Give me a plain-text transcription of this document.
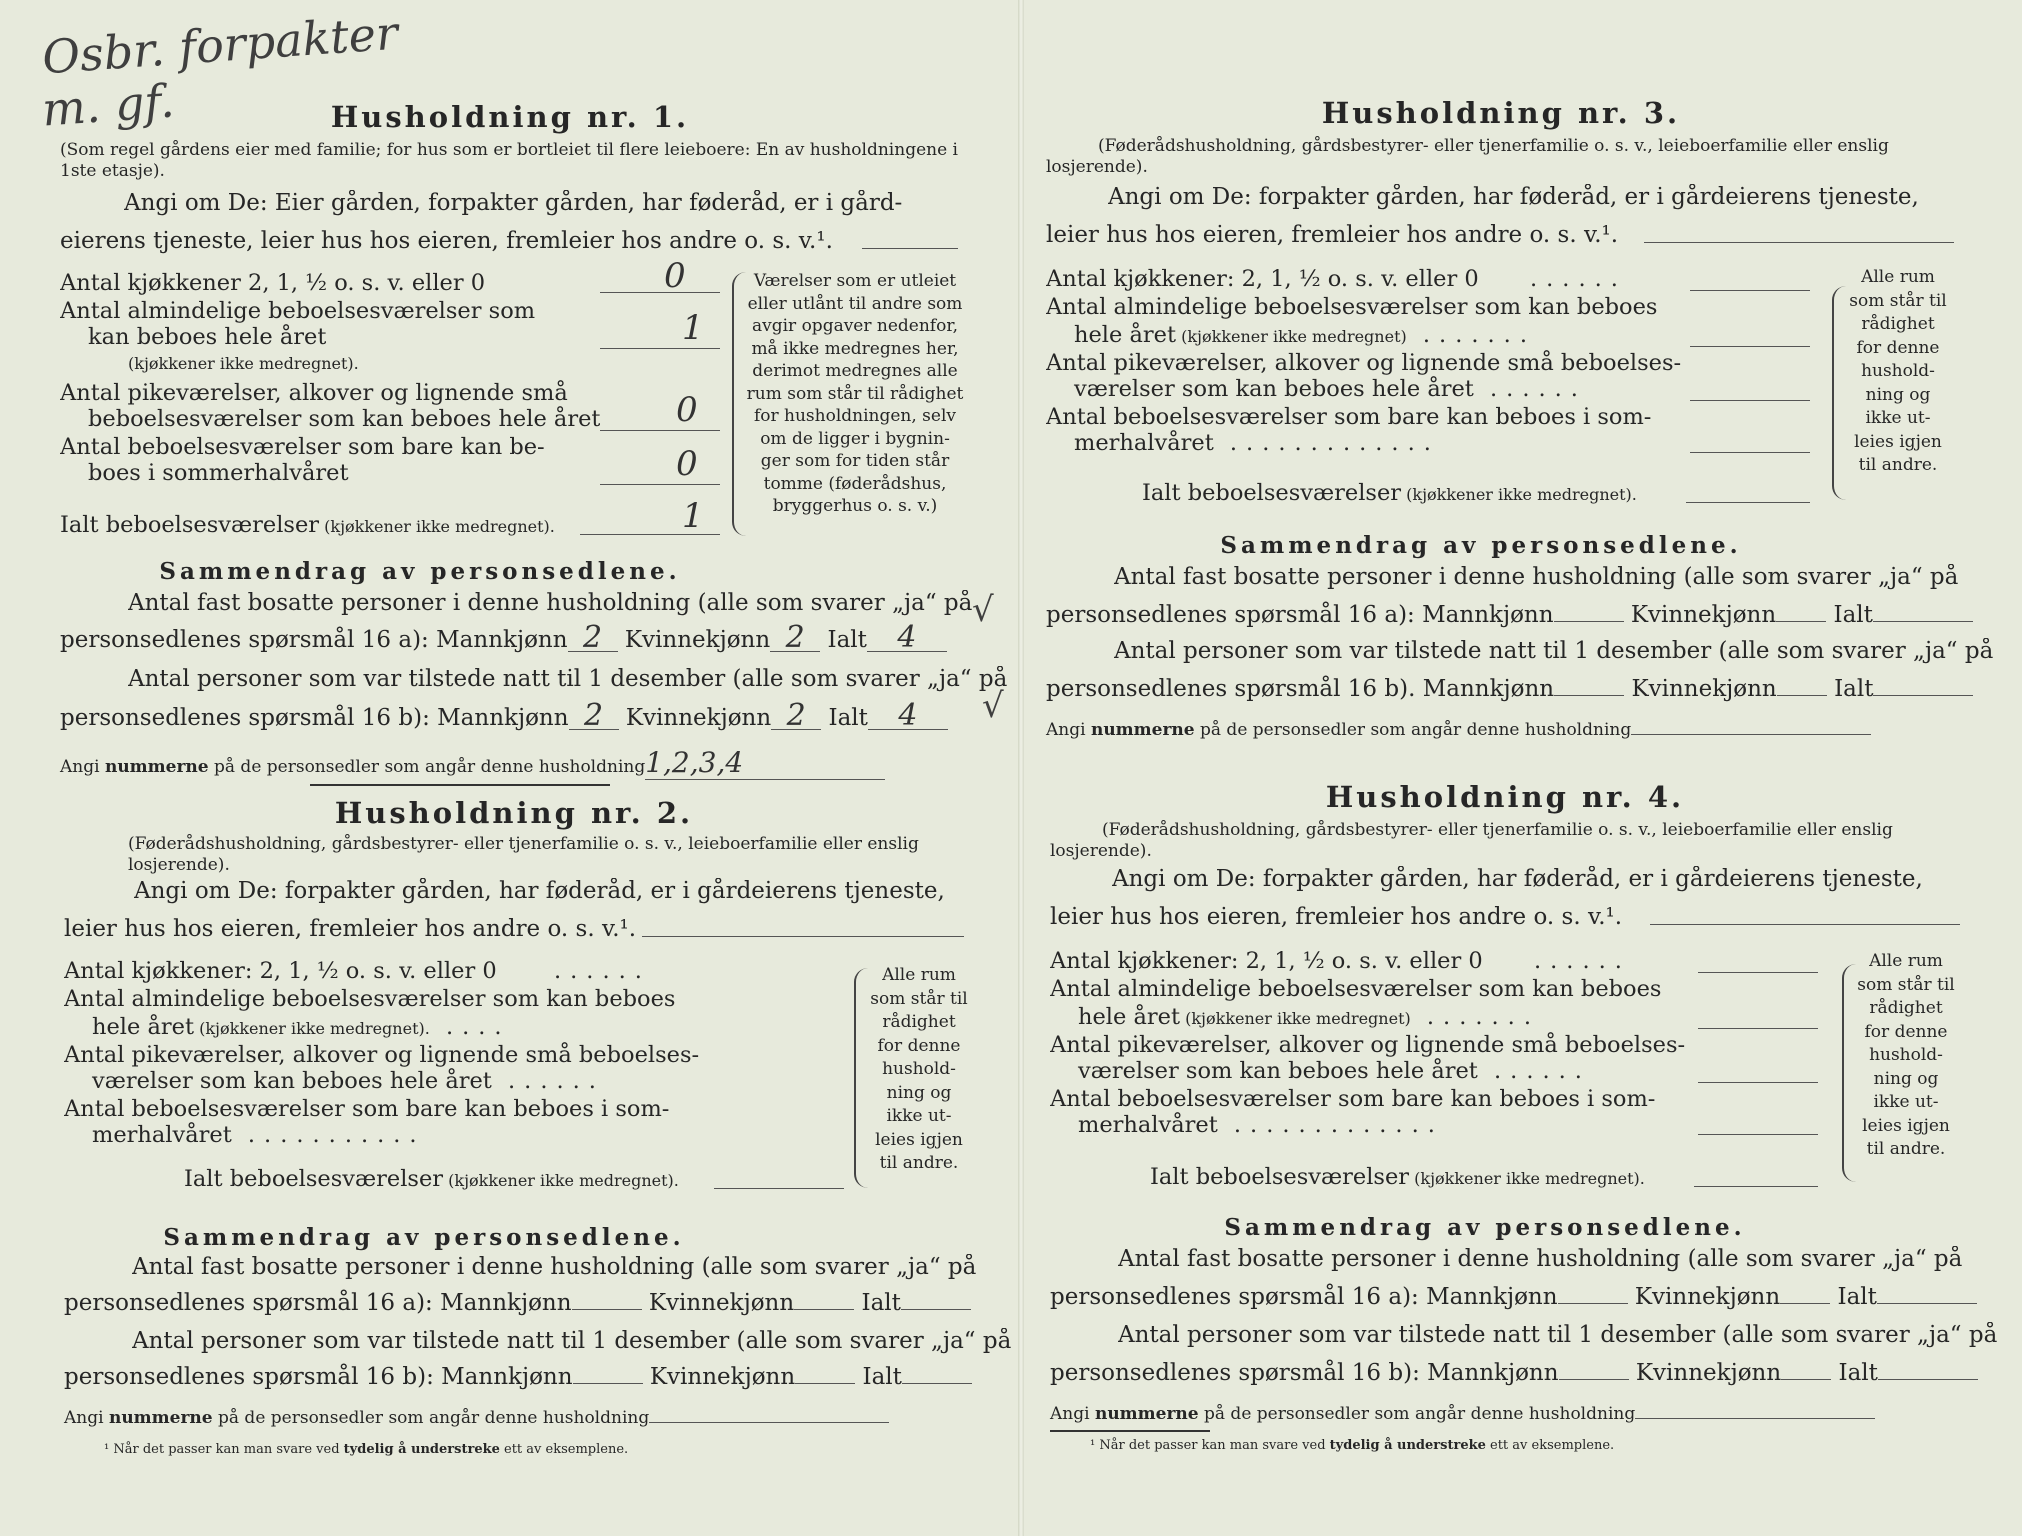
Osbr. forpakter
m. gf.	Husholdning nr. 1.
(Som regel gårdens eier med familie; for hus som er bortleiet til flere leieboere: En av husholdningene i 1ste etasje).
Angi om De: Eier gården, forpakter gården, har føderåd, er i gård-
eierens tjeneste, leier hus hos eieren, fremleier hos andre o. s. v.¹.
Antal kjøkkener 2, 1, ½ o. s. v. eller 0	0
Antal almindelige beboelsesværelser som
kan beboes hele året
(kjøkkener ikke medregnet).
1
Antal pikeværelser, alkover og lignende små
beboelsesværelser som kan beboes hele året 0
Antal beboelsesværelser som bare kan be-
boes i sommerhalvåret	0
Ialt beboelsesværelser (kjøkkener ikke medregnet).	1
Værelser som er utleiet
eller utlånt til andre som
avgir opgaver nedenfor,
må ikke medregnes her,
derimot medregnes alle
rum som står til rådighet
for husholdningen, selv
om de ligger i bygnin-
ger som for tiden står
tomme (føderådshus,
bryggerhus o. s. v.)
Sammendrag av personsedlene.
Antal fast bosatte personer i denne husholdning (alle som svarer „ja“ på
personsedlenes spørsmål 16 a): Mannkjønn 2 Kvinnekjønn 2 Ialt 4
Antal personer som var tilstede natt til 1 desember (alle som svarer „ja“ på
personsedlenes spørsmål 16 b): Mannkjønn 2 Kvinnekjønn 2 Ialt 4
√
√
Angi nummerne på de personsedler som angår denne husholdning1,2,3,4
Husholdning nr. 2.
(Føderådshusholdning, gårdsbestyrer- eller tjenerfamilie o. s. v., leieboerfamilie eller enslig losjerende).
Angi om De: forpakter gården, har føderåd, er i gårdeierens tjeneste,
leier hus hos eieren, fremleier hos andre o. s. v.¹.
Antal kjøkkener: 2, 1, ½ o. s. v. eller 0	......
Antal almindelige beboelsesværelser som kan beboes
hele året (kjøkkener ikke medregnet). ....
Antal pikeværelser, alkover og lignende små beboelses-
værelser som kan beboes hele året ......
Antal beboelsesværelser som bare kan beboes i som-
merhalvåret ...........
Ialt beboelsesværelser (kjøkkener ikke medregnet).
Alle rum
som står til
rådighet
for denne
hushold-
ning og
ikke ut-
leies igjen
til andre.
Sammendrag av personsedlene.
Antal fast bosatte personer i denne husholdning (alle som svarer „ja“ på
personsedlenes spørsmål 16 a): Mannkjønn	Kvinnekjønn	Ialt
Antal personer som var tilstede natt til 1 desember (alle som svarer „ja“ på
personsedlenes spørsmål 16 b): Mannkjønn	Kvinnekjønn	Ialt
Angi nummerne på de personsedler som angår denne husholdning
¹ Når det passer kan man svare ved tydelig å understreke ett av eksemplene.
Husholdning nr. 3.
(Føderådshusholdning, gårdsbestyrer- eller tjenerfamilie o. s. v., leieboerfamilie eller enslig losjerende).
Angi om De: forpakter gården, har føderåd, er i gårdeierens tjeneste,
leier hus hos eieren, fremleier hos andre o. s. v.¹.
Antal kjøkkener: 2, 1, ½ o. s. v. eller 0 ......
Antal almindelige beboelsesværelser som kan beboes
hele året (kjøkkener ikke medregnet) .......
Antal pikeværelser, alkover og lignende små beboelses-
værelser som kan beboes hele året ......
Antal beboelsesværelser som bare kan beboes i som-
merhalvåret .............
Ialt beboelsesværelser (kjøkkener ikke medregnet).
Alle rum
som står til
rådighet
for denne
hushold-
ning og
ikke ut-
leies igjen
til andre.
Sammendrag av personsedlene.
Antal fast bosatte personer i denne husholdning (alle som svarer „ja“ på
personsedlenes spørsmål 16 a): Mannkjønn	Kvinnekjønn Ialt
Antal personer som var tilstede natt til 1 desember (alle som svarer „ja“ på
personsedlenes spørsmål 16 b). Mannkjønn	Kvinnekjønn Ialt
Angi nummerne på de personsedler som angår denne husholdning
Husholdning nr. 4.
(Føderådshusholdning, gårdsbestyrer- eller tjenerfamilie o. s. v., leieboerfamilie eller enslig losjerende).
Angi om De: forpakter gården, har føderåd, er i gårdeierens tjeneste,
leier hus hos eieren, fremleier hos andre o. s. v.¹.
Antal kjøkkener: 2, 1, ½ o. s. v. eller 0 ......
Antal almindelige beboelsesværelser som kan beboes
hele året (kjøkkener ikke medregnet) .......
Antal pikeværelser, alkover og lignende små beboelses-
værelser som kan beboes hele året ......
Antal beboelsesværelser som bare kan beboes i som-
merhalvåret .............
Ialt beboelsesværelser (kjøkkener ikke medregnet).
Alle rum
som står til
rådighet
for denne
hushold-
ning og
ikke ut-
leies igjen
til andre.
Sammendrag av personsedlene.
Antal fast bosatte personer i denne husholdning (alle som svarer „ja“ på
personsedlenes spørsmål 16 a): Mannkjønn	Kvinnekjønn Ialt
Antal personer som var tilstede natt til 1 desember (alle som svarer „ja“ på
personsedlenes spørsmål 16 b): Mannkjønn	Kvinnekjønn Ialt
Angi nummerne på de personsedler som angår denne husholdning
¹ Når det passer kan man svare ved tydelig å understreke ett av eksemplene.
